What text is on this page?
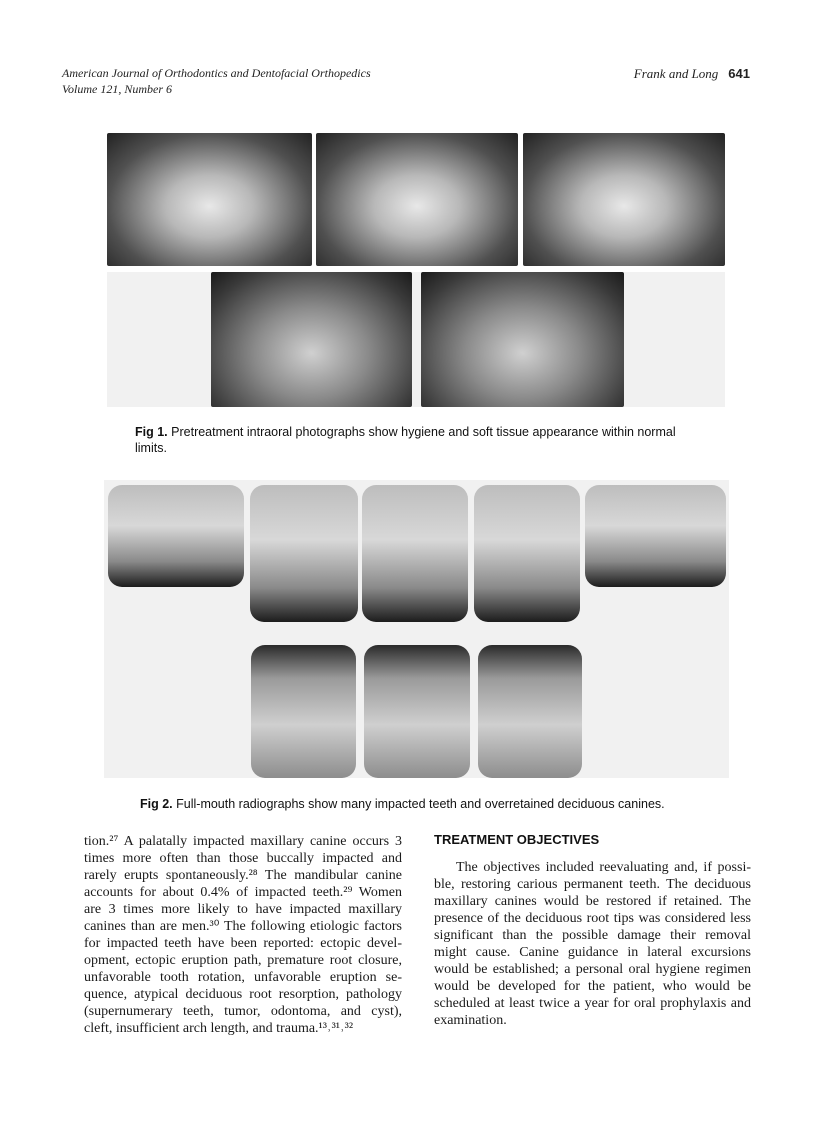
American Journal of Orthodontics and Dentofacial Orthopedics
Volume 121, Number 6
Frank and Long 641
Fig 1. Pretreatment intraoral photographs show hygiene and soft tissue appearance within normal
limits.
Fig 2. Full-mouth radiographs show many impacted teeth and overretained deciduous canines.
tion.²⁷ A palatally impacted maxillary canine occurs 3
times more often than those buccally impacted and
rarely erupts spontaneously.²⁸ The mandibular canine
accounts for about 0.4% of impacted teeth.²⁹ Women
are 3 times more likely to have impacted maxillary
canines than are men.³⁰ The following etiologic factors
for impacted teeth have been reported: ectopic devel-
opment, ectopic eruption path, premature root closure,
unfavorable tooth rotation, unfavorable eruption se-
quence, atypical deciduous root resorption, pathology
(supernumerary teeth, tumor, odontoma, and cyst),
cleft, insufficient arch length, and trauma.¹³˒³¹˒³²
TREATMENT OBJECTIVES
The objectives included reevaluating and, if possi-
ble, restoring carious permanent teeth. The deciduous
maxillary canines would be restored if retained. The
presence of the deciduous root tips was considered less
significant than the possible damage their removal
might cause. Canine guidance in lateral excursions
would be established; a personal oral hygiene regimen
would be developed for the patient, who would be
scheduled at least twice a year for oral prophylaxis and
examination.
